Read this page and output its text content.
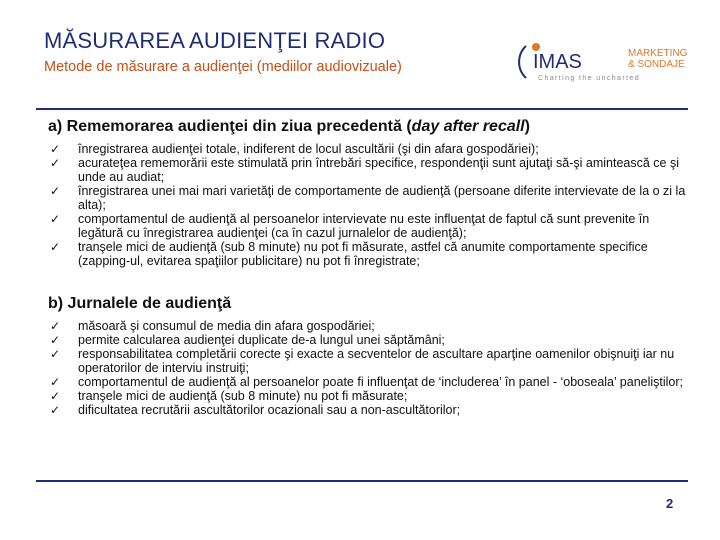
MĂSURAREA AUDIENŢEI RADIO
Metode de măsurare a audienţei (mediilor audiovizuale)	IMAS	MARKETING
& SONDAJE
Charting the uncharted
a) Rememorarea audienţei din ziua precedentă (day after recall)
✓	înregistrarea audienţei totale, indiferent de locul ascultării (şi din afara gospodăriei);
✓	acurateţea rememorării este stimulată prin întrebări specifice, respondenţii sunt ajutaţi să-şi amintească ce şi unde au audiat;
✓	înregistrarea unei mai mari varietăţi de comportamente de audienţă (persoane diferite intervievate de la o zi la alta);
✓	comportamentul de audienţă al persoanelor intervievate nu este influenţat de faptul că sunt prevenite în legătură cu înregistrarea audienţei (ca în cazul jurnalelor de audienţă);
✓	tranşele mici de audienţă (sub 8 minute) nu pot fi măsurate, astfel că anumite comportamente specifice (zapping-ul, evitarea spaţiilor publicitare) nu pot fi înregistrate;
b) Jurnalele de audienţă
✓	măsoară şi consumul de media din afara gospodăriei;
✓	permite calcularea audienţei duplicate de-a lungul unei săptămâni;
✓	responsabilitatea completării corecte şi exacte a secventelor de ascultare aparţine oamenilor obişnuiţi iar nu operatorilor de interviu instruiţi;
✓	comportamentul de audienţă al persoanelor poate fi influenţat de ‘includerea’ în panel - ‘oboseala’ paneliştilor;
✓	tranşele mici de audienţă (sub 8 minute) nu pot fi măsurate;
✓	dificultatea recrutării ascultătorilor ocazionali sau a non-ascultătorilor;
2
